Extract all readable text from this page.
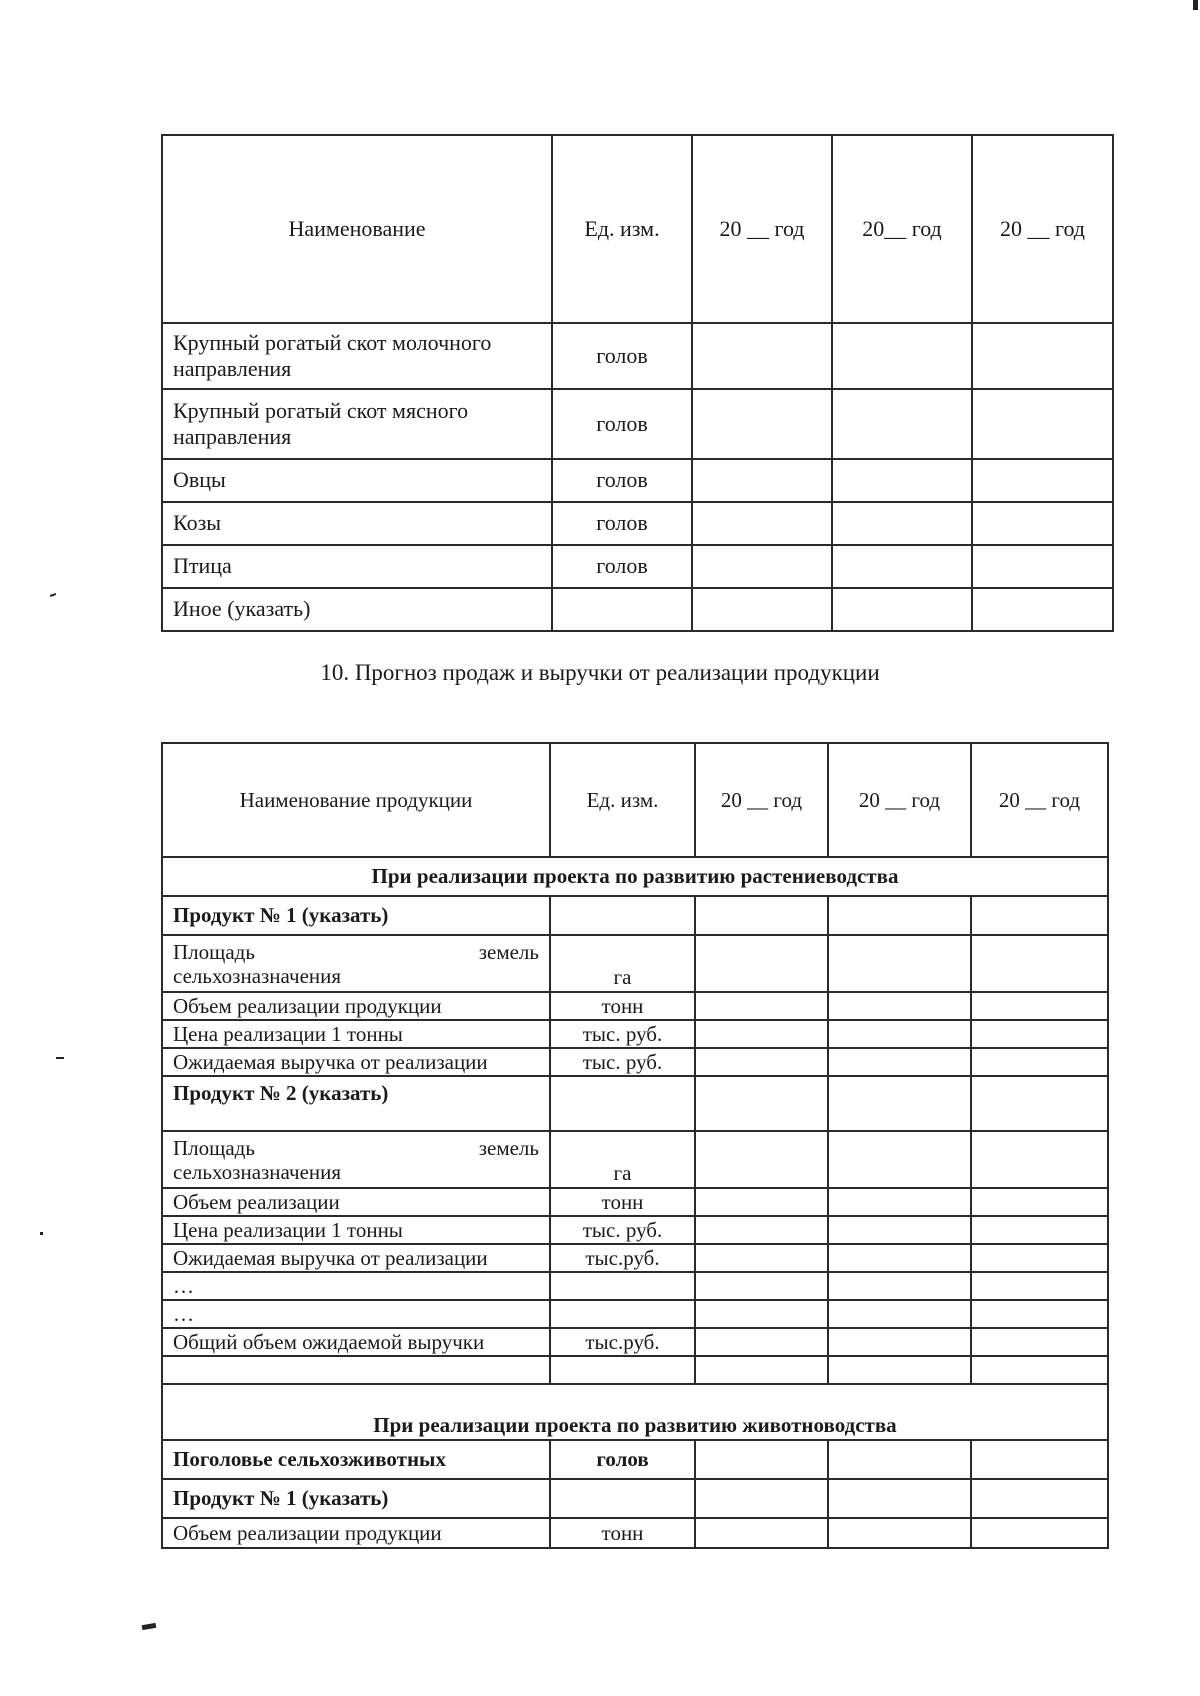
Наименование	Ед. изм.	20 __ год	20__ год	20 __ год
Крупный рогатый скот молочного направления	голов			
Крупный рогатый скот мясного направления	голов			
Овцы	голов			
Козы	голов			
Птица	голов			
Иное (указать)				
10. Прогноз продаж и выручки от реализации продукции
Наименование продукции	Ед. изм.	20 __ год	20 __ год	20 __ год
При реализации проекта по развитию растениеводства				
Продукт № 1 (указать)				

Площадь земель
сельхозназначения	га			
Объем реализации продукции	тонн			
Цена реализации 1 тонны	тыс. руб.			
Ожидаемая выручка от реализации	тыс. руб.			
Продукт № 2 (указать)				

Площадь земель
сельхозназначения	га			
Объем реализации	тонн			
Цена реализации 1 тонны	тыс. руб.			
Ожидаемая выручка от реализации	тыс.руб.			
…				
…				
Общий объем ожидаемой выручки	тыс.руб.			

При реализации проекта по развитию животноводства				
Поголовье сельхозживотных	голов			
Продукт № 1 (указать)				
Объем реализации продукции	тонн			
